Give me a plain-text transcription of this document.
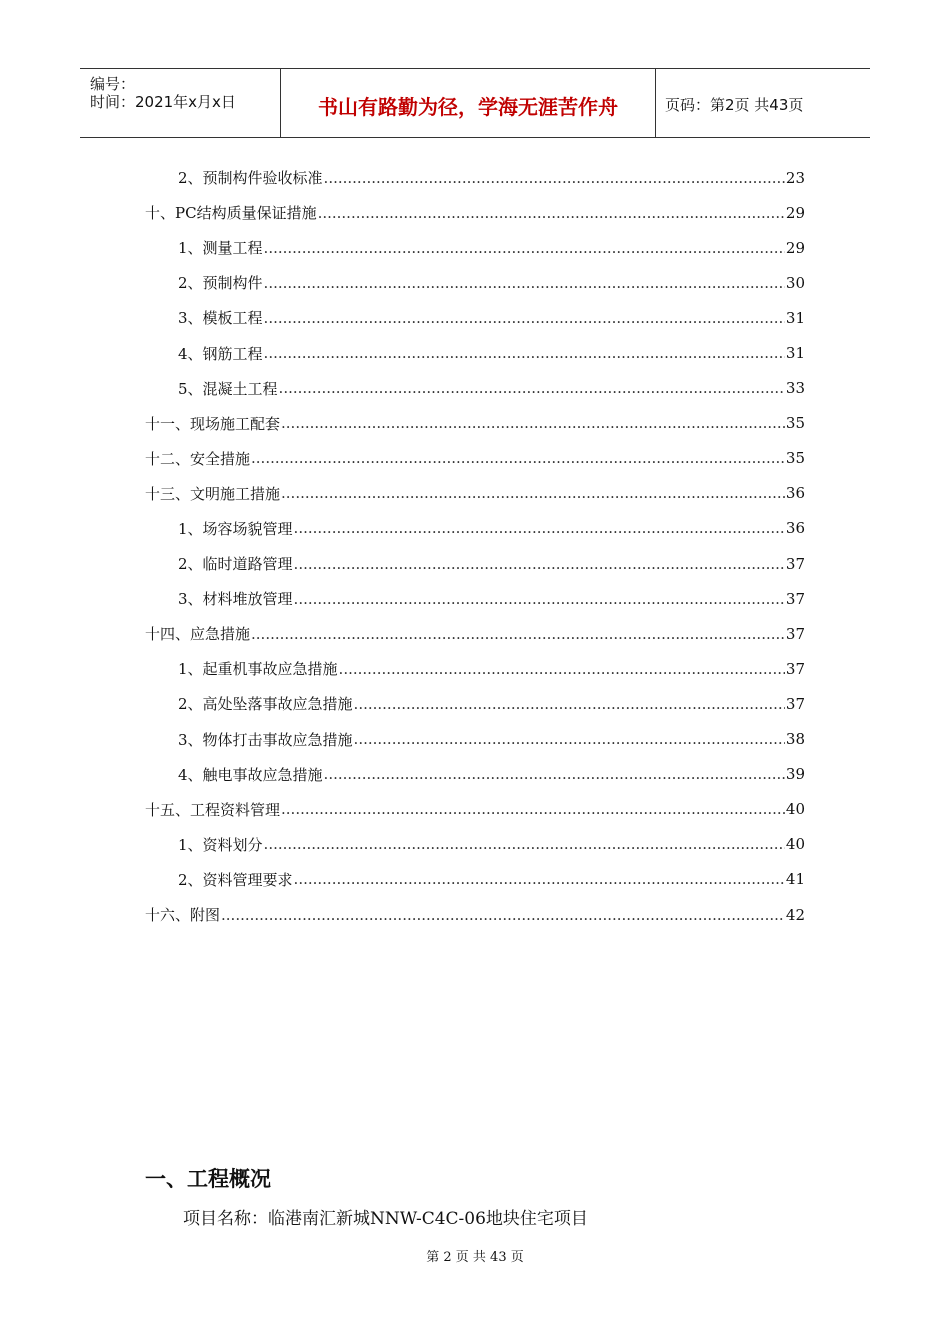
编号：
时间：2021年x月x日	书山有路勤为径，学海无涯苦作舟	页码：第2页 共43页
2、预制构件验收标准 .....	23
十、PC结构质量保证措施 .....	29
1、测量工程 .....	29
2、预制构件 .....	30
3、模板工程 .....	31
4、钢筋工程 .....	31
5、混凝土工程 .....	33
十一、现场施工配套 .....	35
十二、安全措施 .....	35
十三、文明施工措施 .....	36
1、场容场貌管理 .....	36
2、临时道路管理 .....	37
3、材料堆放管理 .....	37
十四、应急措施 .....	37
1、起重机事故应急措施 .....	37
2、高处坠落事故应急措施 .....	37
3、物体打击事故应急措施 .....	38
4、触电事故应急措施 .....	39
十五、工程资料管理 .....	40
1、资料划分 .....	40
2、资料管理要求 .....	41
十六、附图 .....	42
一、工程概况
项目名称：临港南汇新城NNW-C4C-06地块住宅项目
第 2 页 共 43 页
